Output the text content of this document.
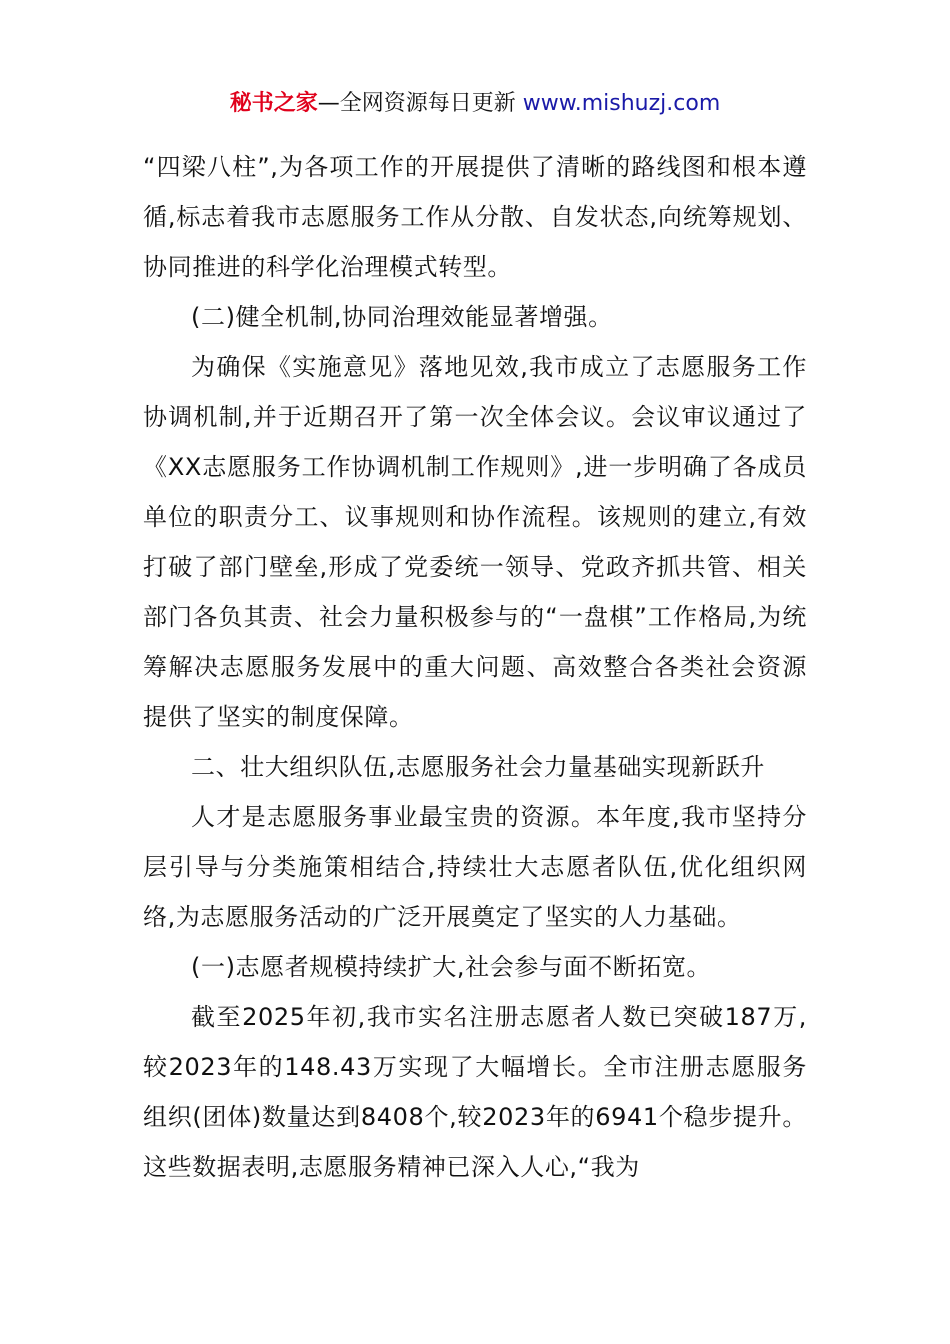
秘书之家—全网资源每日更新 www.mishuzj.com

“四梁八柱”,为各项工作的开展提供了清晰的路线图和根本遵循,标志着我市志愿服务工作从分散、自发状态,向统筹规划、协同推进的科学化治理模式转型。

(二)健全机制,协同治理效能显著增强。

为确保《实施意见》落地见效,我市成立了志愿服务工作协调机制,并于近期召开了第一次全体会议。会议审议通过了《XX志愿服务工作协调机制工作规则》,进一步明确了各成员单位的职责分工、议事规则和协作流程。该规则的建立,有效打破了部门壁垒,形成了党委统一领导、党政齐抓共管、相关部门各负其责、社会力量积极参与的“一盘棋”工作格局,为统筹解决志愿服务发展中的重大问题、高效整合各类社会资源提供了坚实的制度保障。

二、壮大组织队伍,志愿服务社会力量基础实现新跃升

人才是志愿服务事业最宝贵的资源。本年度,我市坚持分层引导与分类施策相结合,持续壮大志愿者队伍,优化组织网络,为志愿服务活动的广泛开展奠定了坚实的人力基础。

(一)志愿者规模持续扩大,社会参与面不断拓宽。

截至2025年初,我市实名注册志愿者人数已突破187万,较2023年的148.43万实现了大幅增长。全市注册志愿服务组织(团体)数量达到8408个,较2023年的6941个稳步提升。这些数据表明,志愿服务精神已深入人心,“我为
